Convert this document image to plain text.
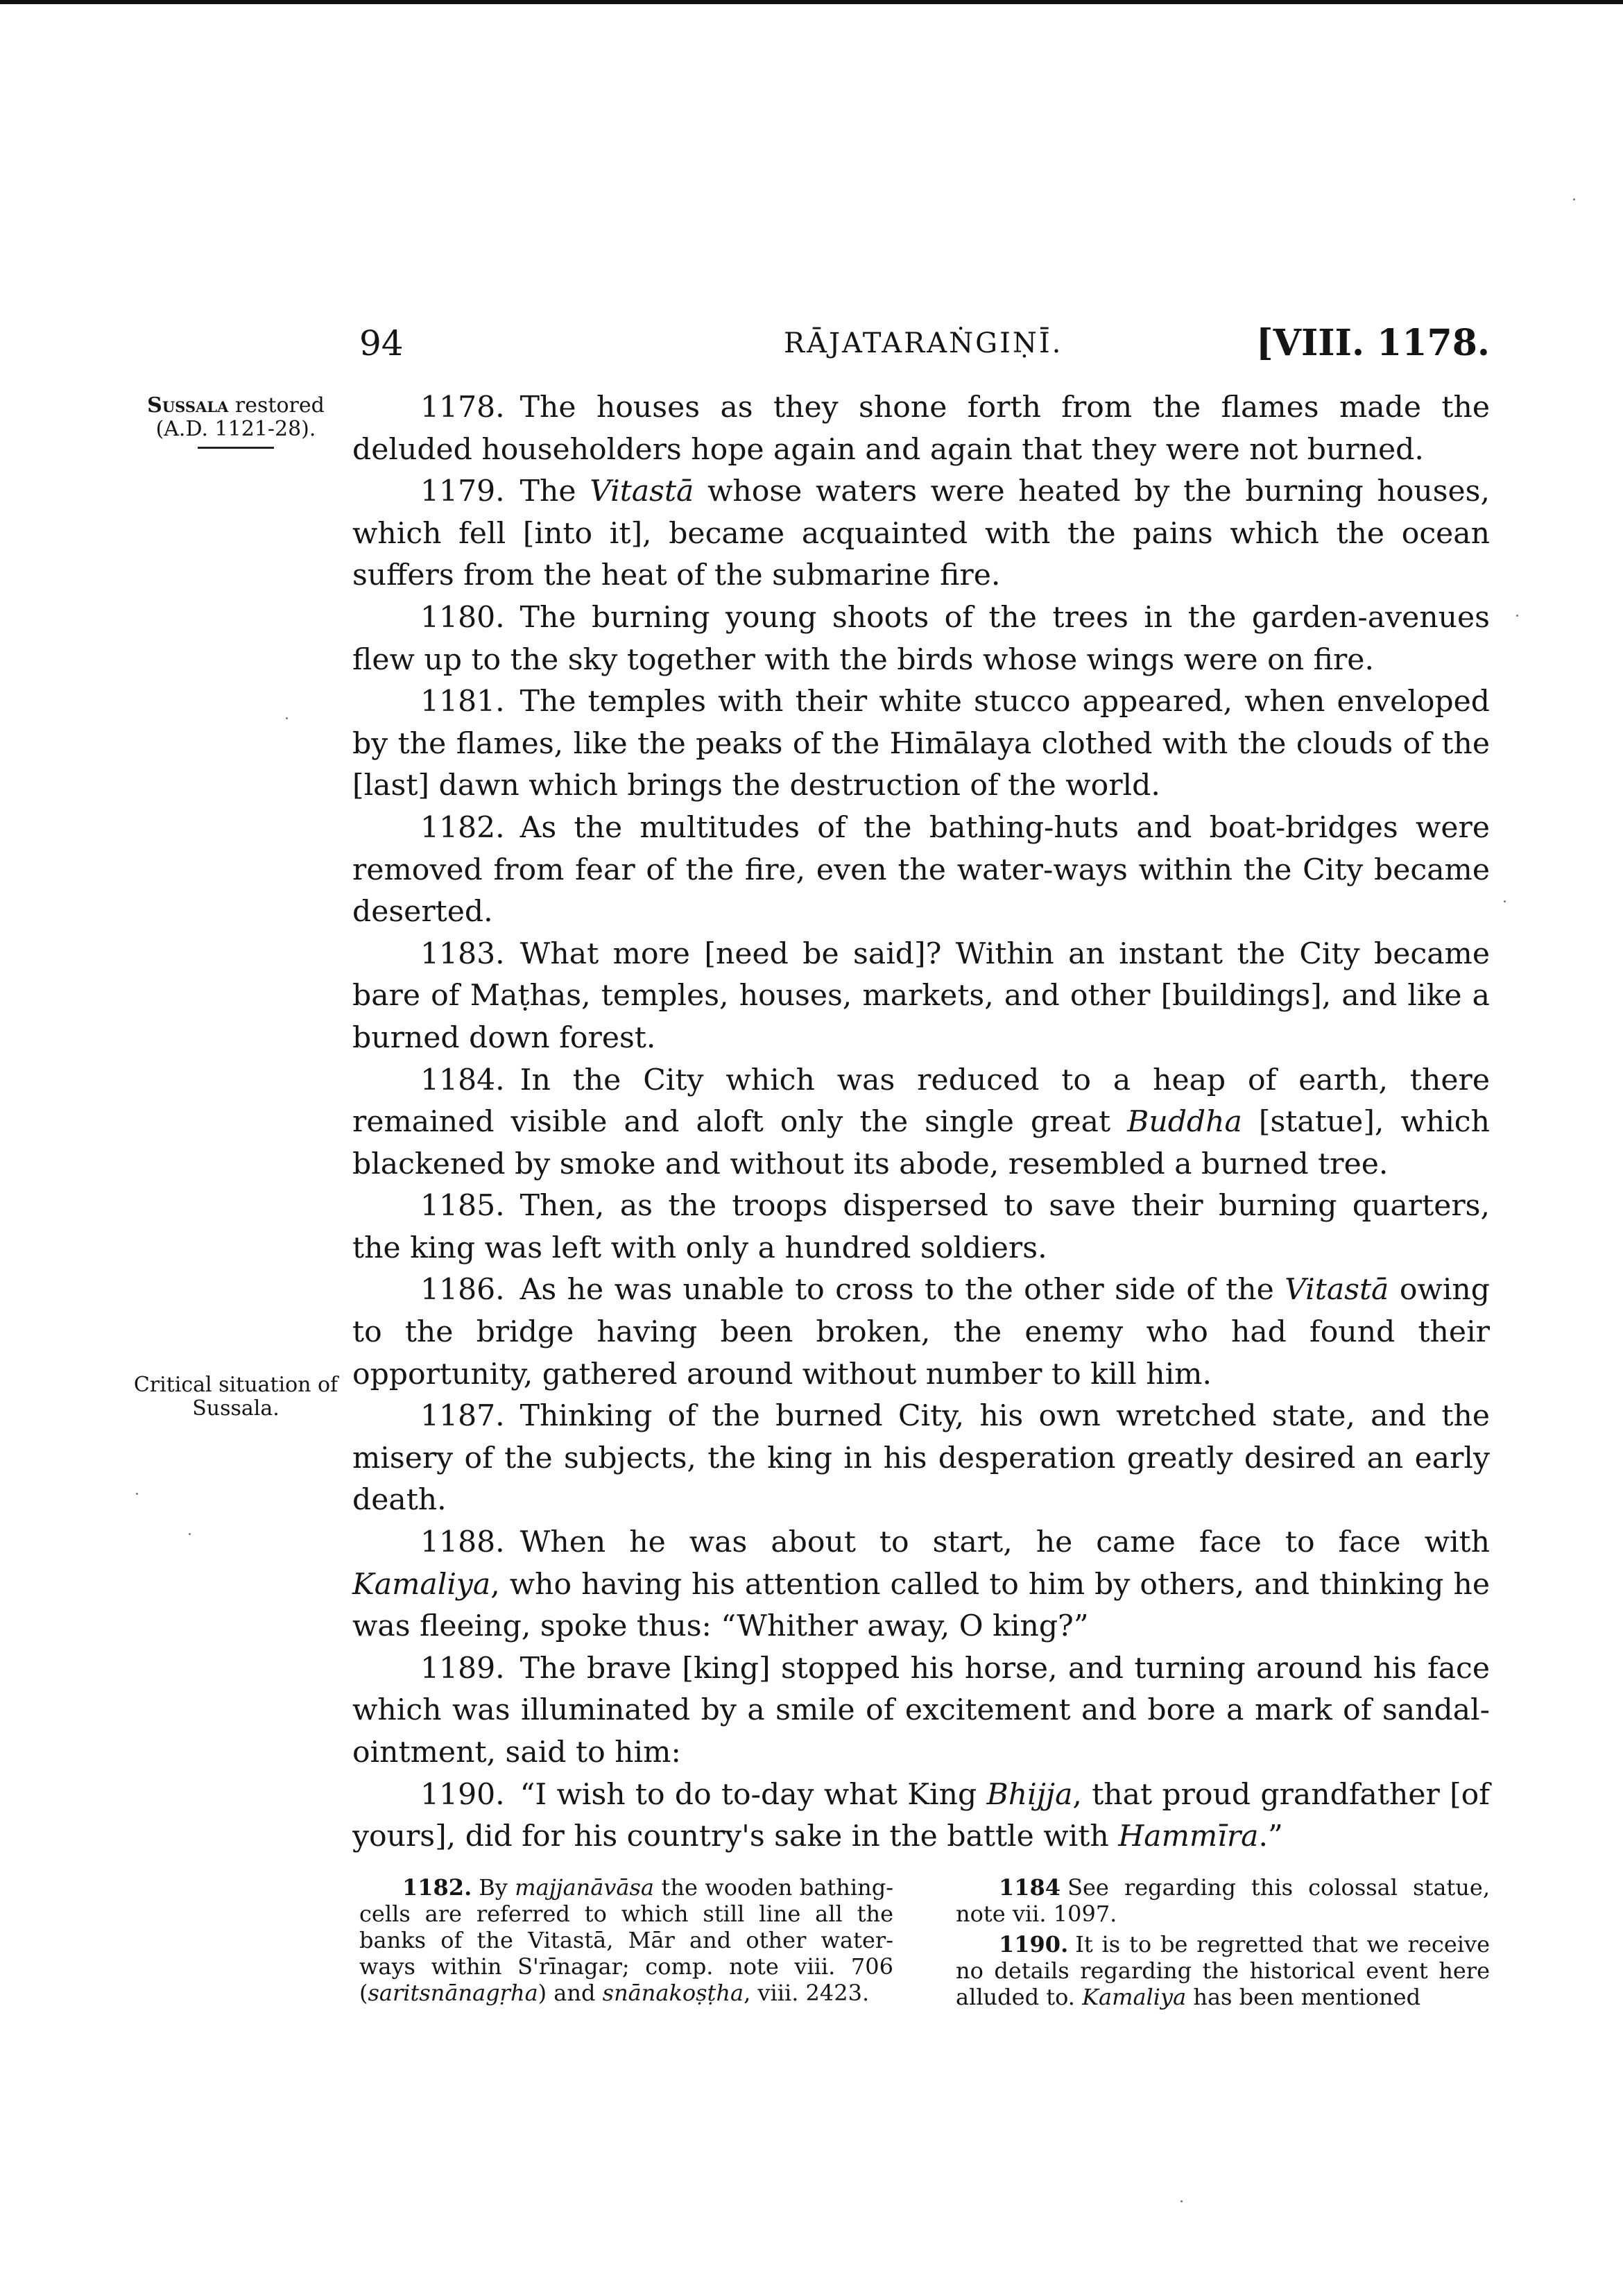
94	RĀJATARAṄGIṆĪ.	[VIII. 1178.
Sussala restored
(A.D. 1121-28).
Critical situation of
Sussala.

1178. The houses as they shone forth from the flames made the deluded householders hope again and again that they were not burned.

1179. The Vitastā whose waters were heated by the burning houses, which fell [into it], became acquainted with the pains which the ocean suffers from the heat of the submarine fire.

1180. The burning young shoots of the trees in the garden-avenues flew up to the sky together with the birds whose wings were on fire.

1181. The temples with their white stucco appeared, when enveloped by the flames, like the peaks of the Himālaya clothed with the clouds of the [last] dawn which brings the destruction of the world.

1182. As the multitudes of the bathing-huts and boat-bridges were removed from fear of the fire, even the water-ways within the City became deserted.

1183. What more [need be said]? Within an instant the City became bare of Maṭhas, temples, houses, markets, and other [buildings], and like a burned down forest.

1184. In the City which was reduced to a heap of earth, there remained visible and aloft only the single great Buddha [statue], which blackened by smoke and without its abode, resembled a burned tree.

1185. Then, as the troops dispersed to save their burning quarters, the king was left with only a hundred soldiers.

1186. As he was unable to cross to the other side of the Vitastā owing to the bridge having been broken, the enemy who had found their opportunity, gathered around without number to kill him.

1187. Thinking of the burned City, his own wretched state, and the misery of the subjects, the king in his desperation greatly desired an early death.

1188. When he was about to start, he came face to face with Kamaliya, who having his attention called to him by others, and thinking he was fleeing, spoke thus: “Whither away, O king?”

1189. The brave [king] stopped his horse, and turning around his face which was illuminated by a smile of excitement and bore a mark of sandal-ointment, said to him:

1190. “I wish to do to-day what King Bhijja, that proud grandfather [of yours], did for his country's sake in the battle with Hammīra.”

1182. By majjanāvāsa the wooden bathing-cells are referred to which still line all the banks of the Vitastā, Mār and other water-ways within S'rīnagar; comp. note viii. 706 (saritsnānagṛha) and snānakoṣṭha, viii. 2423.

1184 See regarding this colossal statue, note vii. 1097.

1190. It is to be regretted that we receive no details regarding the historical event here alluded to. Kamaliya has been mentioned
